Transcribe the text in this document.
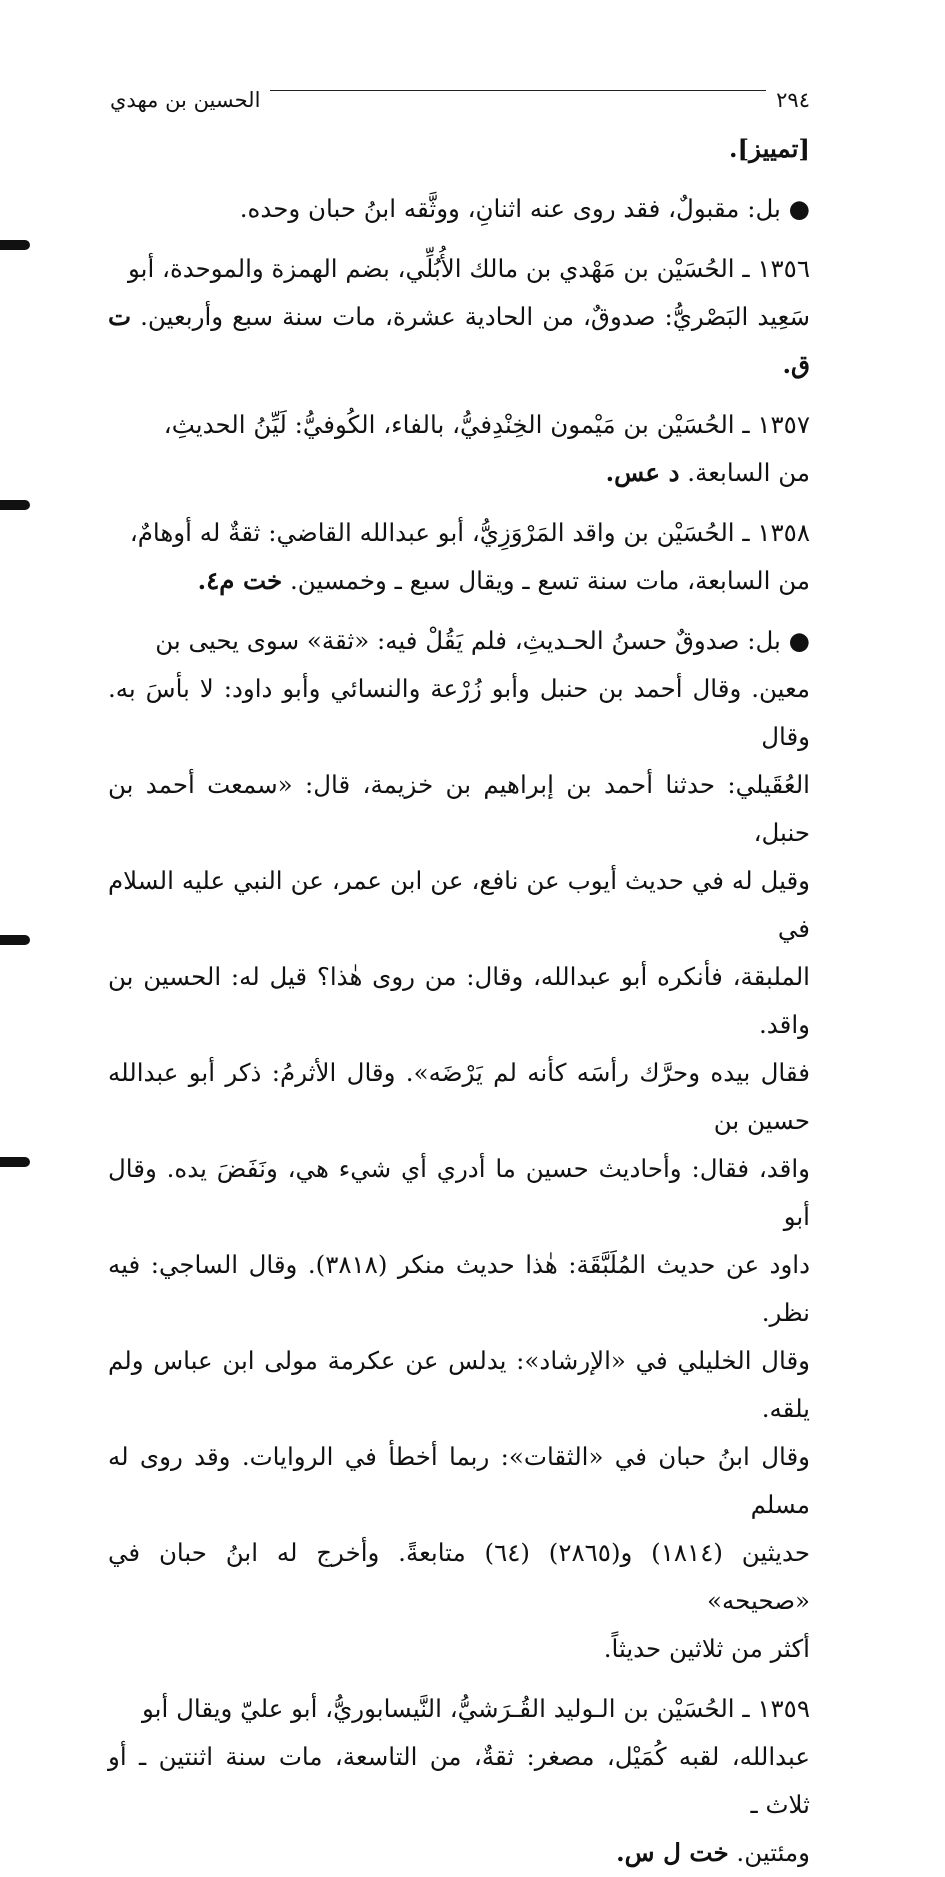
٢٩٤
الحسين بن مهدي

[تمييز].

● بل: مقبولٌ، فقد روى عنه اثنانِ، ووثَّقه ابنُ حبان وحده.

١٣٥٦ ـ الحُسَيْن بن مَهْدي بن مالك الأُبُلِّي، بضم الهمزة والموحدة، أبو

سَعِيد البَصْريُّ: صدوقٌ، من الحادية عشرة، مات سنة سبع وأربعين. ت ق.

١٣٥٧ ـ الحُسَيْن بن مَيْمون الخِنْدِفيُّ، بالفاء، الكُوفيُّ: لَيِّنُ الحديثِ،

من السابعة. د عس.

١٣٥٨ ـ الحُسَيْن بن واقد المَرْوَزِيُّ، أبو عبدالله القاضي: ثقةٌ له أوهامٌ،

من السابعة، مات سنة تسع ـ ويقال سبع ـ وخمسين. خت م٤.

● بل: صدوقٌ حسنُ الحـديثِ، فلم يَقُلْ فيه: «ثقة» سوى يحيى بن

معين. وقال أحمد بن حنبل وأبو زُرْعة والنسائي وأبو داود: لا بأسَ به. وقال

العُقَيلي: حدثنا أحمد بن إبراهيم بن خزيمة، قال: «سمعت أحمد بن حنبل،

وقيل له في حديث أيوب عن نافع، عن ابن عمر، عن النبي عليه السلام في

الملبقة، فأنكره أبو عبدالله، وقال: من روى هٰذا؟ قيل له: الحسين بن واقد.

فقال بيده وحرَّك رأسَه كأنه لم يَرْضَه». وقال الأثرمُ: ذكر أبو عبدالله حسين بن

واقد، فقال: وأحاديث حسين ما أدري أي شيء هي، ونَفَضَ يده. وقال أبو

داود عن حديث المُلَبَّقَة: هٰذا حديث منكر (٣٨١٨). وقال الساجي: فيه نظر.

وقال الخليلي في «الإرشاد»: يدلس عن عكرمة مولى ابن عباس ولم يلقه.

وقال ابنُ حبان في «الثقات»: ربما أخطأ في الروايات. وقد روى له مسلم

حديثين (١٨١٤) و(٢٨٦٥) (٦٤) متابعةً. وأخرج له ابنُ حبان في «صحيحه»

أكثر من ثلاثين حديثاً.

١٣٥٩ ـ الحُسَيْن بن الـوليد القُـرَشيُّ، النَّيسابوريُّ، أبو عليّ ويقال أبو

عبدالله، لقبه كُمَيْل، مصغر: ثقةٌ، من التاسعة، مات سنة اثنتين ـ أو ثلاث ـ

ومئتين. خت ل س.
